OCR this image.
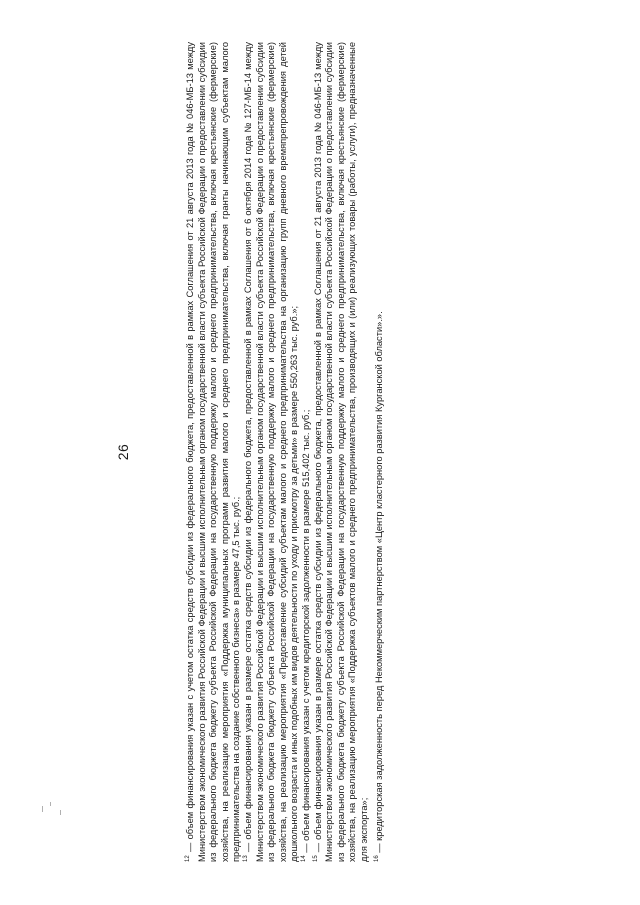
26

$^{12}$ — объем финансирования указан с учетом остатка средств субсидии из федерального бюджета, предоставленной в рамках Соглашения от 21 августа 2013 года № 046-МБ-13 между Министерством экономического развития Российской Федерации и высшим исполнительным органом государственной власти субъекта Российской Федерации о предоставлении субсидии из федерального бюджета бюджету субъекта Российской Федерации на государственную поддержку малого и среднего предпринимательства, включая крестьянские (фермерские) хозяйства, на реализацию мероприятия «Поддержка муниципальных программ развития малого и среднего предпринимательства, включая гранты начинающим субъектам малого предпринимательства на создание собственного бизнеса» в размере 47,5 тыс. руб.; $^{13}$ — объем финансирования указан в размере остатка средств субсидии из федерального бюджета, предоставленной в рамках Соглашения от 6 октября 2014 года № 127-МБ-14 между Министерством экономического развития Российской Федерации и высшим исполнительным органом государственной власти субъекта Российской Федерации о предоставлении субсидии из федерального бюджета бюджету субъекта Российской Федерации на государственную поддержку малого и среднего предпринимательства, включая крестьянские (фермерские) хозяйства, на реализацию мероприятия «Предоставление субсидий субъектам малого и среднего предпринимательства на организацию групп дневного времяпрепровождения детей дошкольного возраста и иных подобных им видов деятельности по уходу и присмотру за детьми» в размере 550,263 тыс. руб.»; $^{14}$ — объем финансирования указан с учетом кредиторской задолженности в размере 515,402 тыс. руб.;

$^{15}$ — объем финансирования указан в размере остатка средств субсидии из федерального бюджета, предоставленной в рамках Соглашения от 21 августа 2013 года № 046-МБ-13 между Министерством экономического развития Российской Федерации и высшим исполнительным органом государственной власти субъекта Российской Федерации о предоставлении субсидии из федерального бюджета бюджету субъекта Российской Федерации на государственную поддержку малого и среднего предпринимательства, включая крестьянские (фермерские) хозяйства, на реализацию мероприятия «Поддержка субъектов малого и среднего предпринимательства, производящих и (или) реализующих товары (работы, услуги), предназначенные для экспорта»; $^{16}$ — кредиторская задолженность перед Некоммерческим партнерством «Центр кластерного развития Курганской области».».
